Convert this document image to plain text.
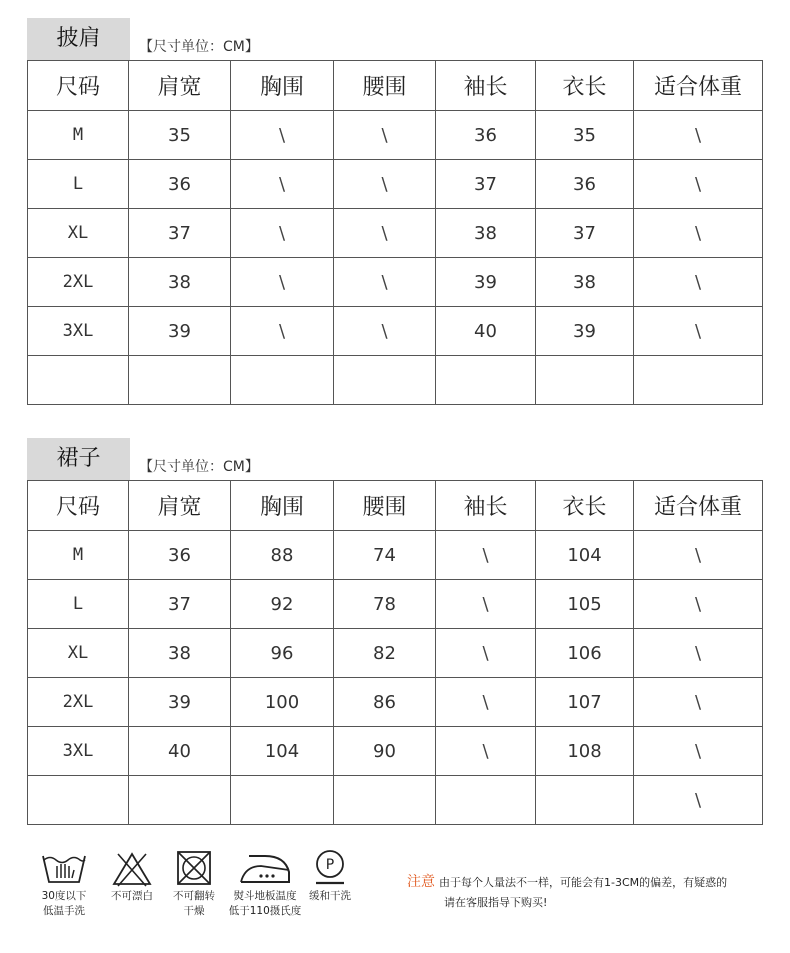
披肩	【尺寸单位：CM】
尺码	肩宽	胸围	腰围	袖长	衣长	适合体重
M	35	\	\	36	35	\
L	36	\	\	37	36	\
XL	37	\	\	38	37	\
2XL	38	\	\	39	38	\
3XL	39	\	\	40	39	\

裙子	【尺寸单位：CM】
尺码	肩宽	胸围	腰围	袖长	衣长	适合体重
M	36	88	74	\	104	\
L	37	92	78	\	105	\
XL	38	96	82	\	106	\
2XL	39	100	86	\	107	\
3XL	40	104	90	\	108	\
						\
30度以下
低温手洗
不可漂白	不可翻转
干燥
熨斗地板温度
低于110摄氏度
P
缓和干洗
注意 由于每个人量法不一样，可能会有1-3CM的偏差，有疑惑的
请在客服指导下购买!
